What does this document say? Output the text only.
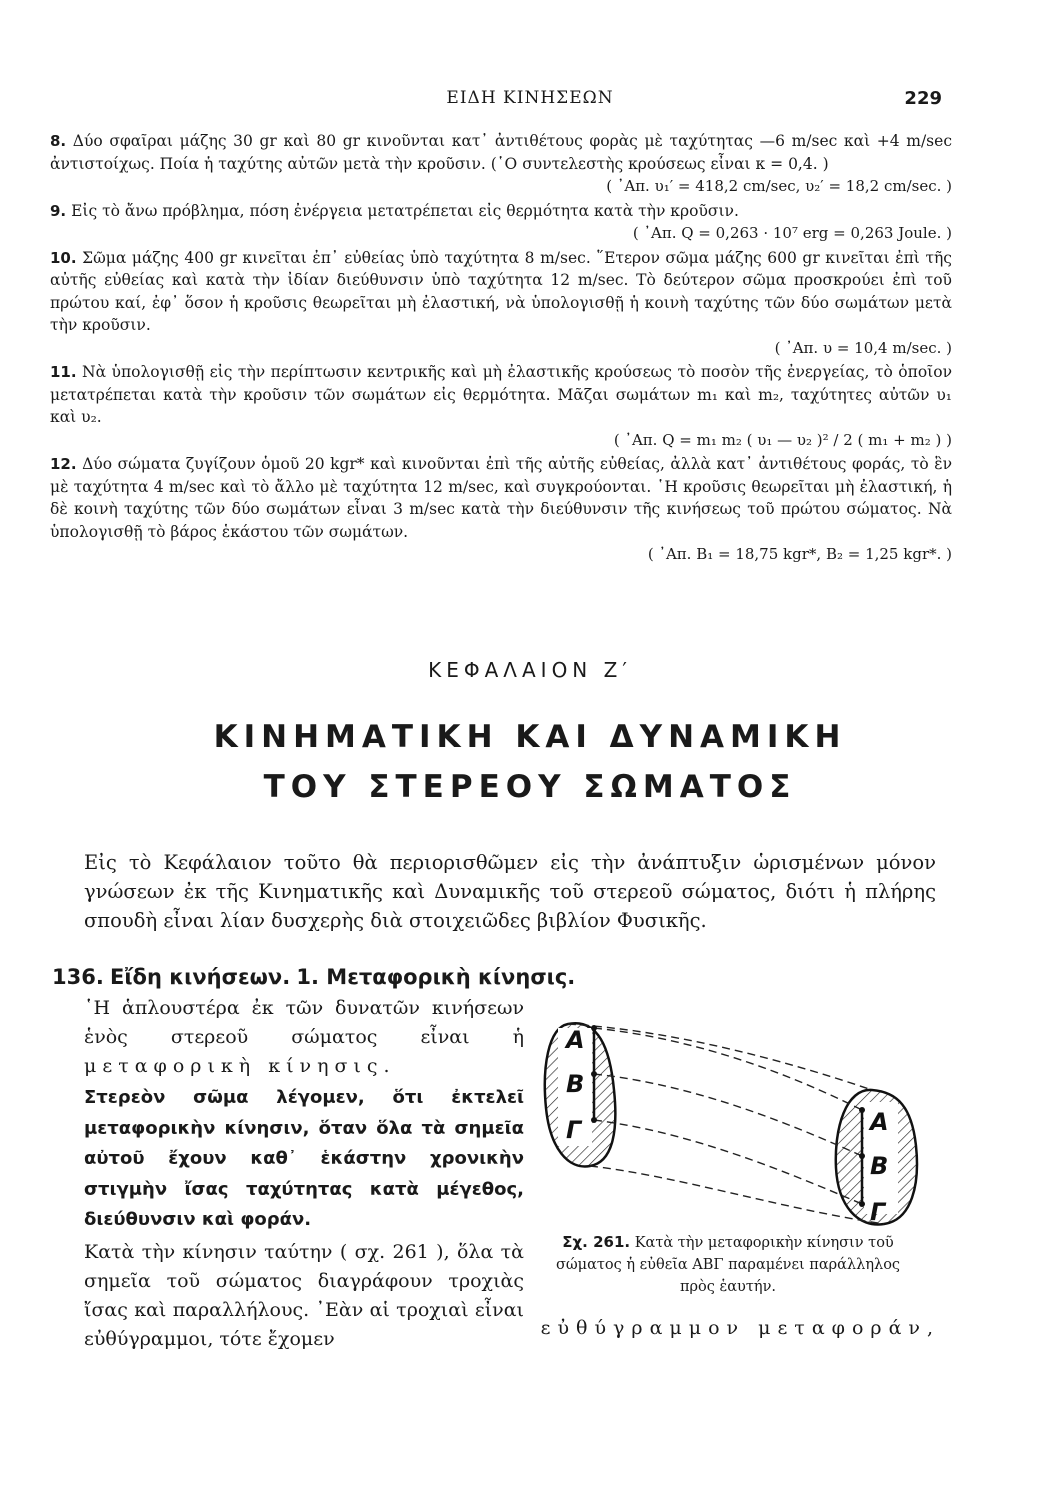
ΕΙΔΗ ΚΙΝΗΣΕΩΝ	229
8. Δύο σφαῖραι μάζης 30 gr καὶ 80 gr κινοῦνται κατ᾿ ἀντιθέτους φορὰς μὲ ταχύτητας —6 m/sec καὶ +4 m/sec ἀντιστοίχως. Ποία ἡ ταχύτης αὐτῶν μετὰ τὴν κροῦσιν. (῾Ο συντελεστὴς κρούσεως εἶναι κ = 0,4. )
( ᾿Απ. υ₁′ = 418,2 cm/sec, υ₂′ = 18,2 cm/sec. )
9. Εἰς τὸ ἄνω πρόβλημα, πόση ἐνέργεια μετατρέπεται εἰς θερμότητα κατὰ τὴν κροῦσιν.
( ᾿Απ. Q = 0,263 · 10⁷ erg = 0,263 Joule. )
10. Σῶμα μάζης 400 gr κινεῖται ἐπ᾿ εὐθείας ὑπὸ ταχύτητα 8 m/sec. ῞Ετερον σῶμα μάζης 600 gr κινεῖται ἐπὶ τῆς αὐτῆς εὐθείας καὶ κατὰ τὴν ἰδίαν διεύθυνσιν ὑπὸ ταχύτητα 12 m/sec. Τὸ δεύτερον σῶμα προσκρούει ἐπὶ τοῦ πρώτου καί, ἐφ᾿ ὅσον ἡ κροῦσις θεωρεῖται μὴ ἐλαστική, νὰ ὑπολογισθῇ ἡ κοινὴ ταχύτης τῶν δύο σωμάτων μετὰ τὴν κροῦσιν.
( ᾿Απ. υ = 10,4 m/sec. )
11. Νὰ ὑπολογισθῇ εἰς τὴν περίπτωσιν κεντρικῆς καὶ μὴ ἐλαστικῆς κρούσεως τὸ ποσὸν τῆς ἐνεργείας, τὸ ὁποῖον μετατρέπεται κατὰ τὴν κροῦσιν τῶν σωμάτων εἰς θερμότητα. Μᾶζαι σωμάτων m₁ καὶ m₂, ταχύτητες αὐτῶν υ₁ καὶ υ₂.
( ᾿Απ. Q = m₁ m₂ ( υ₁ — υ₂ )² / 2 ( m₁ + m₂ ) )
12. Δύο σώματα ζυγίζουν ὁμοῦ 20 kgr* καὶ κινοῦνται ἐπὶ τῆς αὐτῆς εὐθείας, ἀλλὰ κατ᾿ ἀντιθέτους φοράς, τὸ ἓν μὲ ταχύτητα 4 m/sec καὶ τὸ ἄλλο μὲ ταχύτητα 12 m/sec, καὶ συγκρούονται. ῾Η κροῦσις θεωρεῖται μὴ ἐλαστική, ἡ δὲ κοινὴ ταχύτης τῶν δύο σωμάτων εἶναι 3 m/sec κατὰ τὴν διεύθυνσιν τῆς κινήσεως τοῦ πρώτου σώματος. Νὰ ὑπολογισθῇ τὸ βάρος ἑκάστου τῶν σωμάτων.
( ᾿Απ. Β₁ = 18,75 kgr*, Β₂ = 1,25 kgr*. )
ΚΕΦΑΛΑΙΟΝ Ζ′
ΚΙΝΗΜΑΤΙΚΗ ΚΑΙ ΔΥΝΑΜΙΚΗ
ΤΟΥ ΣΤΕΡΕΟΥ ΣΩΜΑΤΟΣ
Εἰς τὸ Κεφάλαιον τοῦτο θὰ περιορισθῶμεν εἰς τὴν ἀνάπτυξιν ὡρισμένων μόνον γνώσεων ἐκ τῆς Κινηματικῆς καὶ Δυναμικῆς τοῦ στερεοῦ σώματος, διότι ἡ πλήρης σπουδὴ εἶναι λίαν δυσχερὴς διὰ στοιχειῶδες βιβλίον Φυσικῆς.
136. Εἴδη κινήσεων. 1. Μεταφορικὴ κίνησις.
῾Η ἁπλουστέρα ἐκ τῶν δυνατῶν κινήσεων ἑνὸς στερεοῦ σώματος εἶναι ἡ μεταφορικὴ κίνησις.
Στερεὸν σῶμα λέγομεν, ὅτι ἐκτελεῖ μεταφορικὴν κίνησιν, ὅταν ὅλα τὰ σημεῖα αὐτοῦ ἔχουν καθ᾿ ἑκάστην χρονικὴν στιγμὴν ἴσας ταχύτητας κατὰ μέγεθος, διεύθυνσιν καὶ φοράν.
Κατὰ τὴν κίνησιν ταύτην ( σχ. 261 ), ὅλα τὰ σημεῖα τοῦ σώματος διαγράφουν τροχιὰς ἴσας καὶ παραλλήλους. ᾿Εὰν αἱ τροχιαὶ εἶναι εὐθύγραμμοι, τότε ἔχομεν	εὐθύγραμμον μεταφοράν,
Α
Β
Γ	Α
Β
Γ
Σχ. 261. Κατὰ τὴν μεταφορικὴν κίνησιν τοῦ σώματος ἡ εὐθεῖα ΑΒΓ παραμένει παράλληλος πρὸς ἑαυτήν.
